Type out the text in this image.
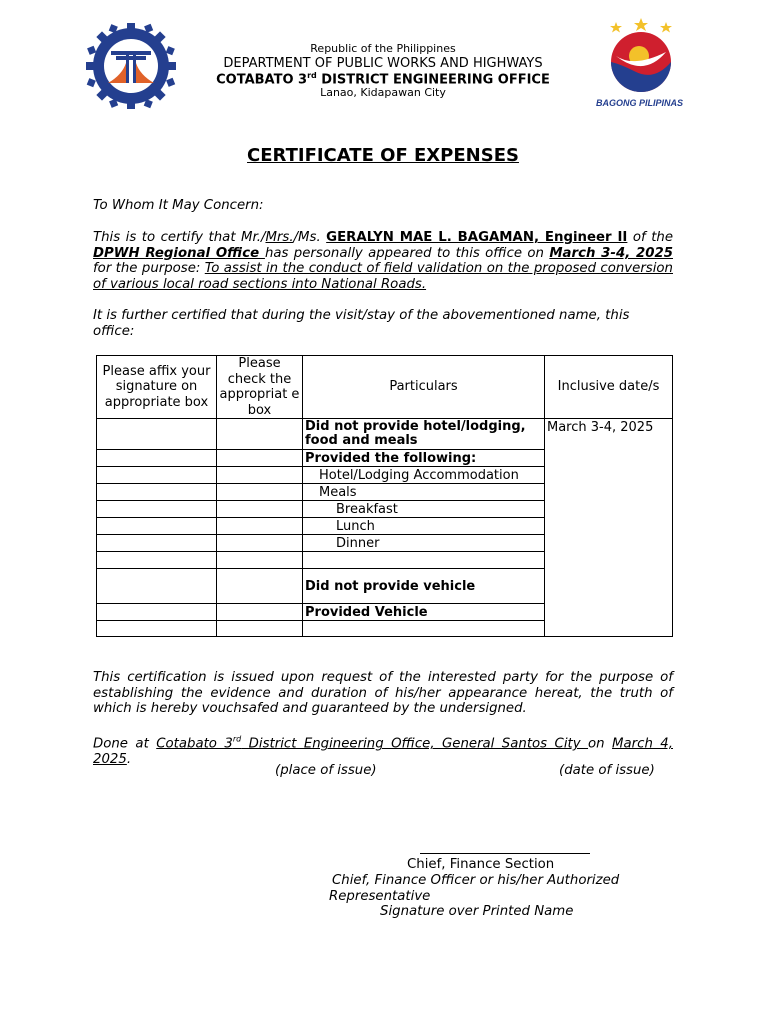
BAGONG PILIPINAS
Republic of the Philippines
DEPARTMENT OF PUBLIC WORKS AND HIGHWAYS
COTABATO 3rd DISTRICT ENGINEERING OFFICE
Lanao, Kidapawan City
CERTIFICATE OF EXPENSES
To Whom It May Concern:
This is to certify that Mr./Mrs./Ms. GERALYN MAE L. BAGAMAN, Engineer II of the DPWH Regional Office has personally appeared to this office on March 3-4, 2025 for the purpose: To assist in the conduct of field validation on the proposed conversion of various local road sections into National Roads.
It is further certified that during the visit/stay of the abovementioned name, this office:
Please affix your signature on appropriate box	Please check the appropriat e box	Particulars	Inclusive date/s
		Did not provide hotel/lodging, food and meals	March 3-4, 2025
		Provided the following:	
		Hotel/Lodging Accommodation	
		Meals	
		Breakfast	
		Lunch	
		Dinner	

		Did not provide vehicle	
		Provided Vehicle	

This certification is issued upon request of the interested party for the purpose of establishing the evidence and duration of his/her appearance hereat, the truth of which is hereby vouchsafed and guaranteed by the undersigned.
Done at Cotabato 3rd District Engineering Office, General Santos City on March 4, 2025.
(place of issue)	(date of issue)
Chief, Finance Section
Chief, Finance Officer or his/her Authorized Representative
Signature over Printed Name
